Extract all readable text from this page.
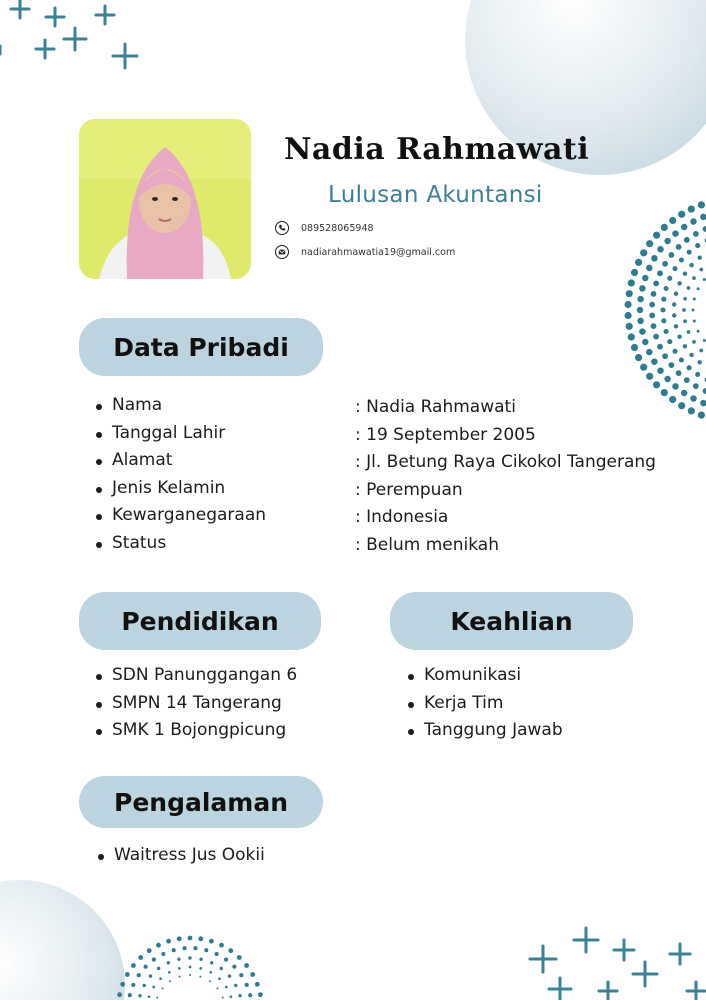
Nadia Rahmawati
Lulusan Akuntansi
089528065948
nadiarahmawatia19@gmail.com
Data Pribadi
Nama
Tanggal Lahir
Alamat
Jenis Kelamin
Kewarganegaraan
Status
: Nadia Rahmawati
: 19 September 2005
: Jl. Betung Raya Cikokol Tangerang
: Perempuan
: Indonesia
: Belum menikah
Pendidikan
SDN Panunggangan 6
SMPN 14 Tangerang
SMK 1 Bojongpicung
Keahlian
Komunikasi
Kerja Tim
Tanggung Jawab
Pengalaman
Waitress Jus Ookii
